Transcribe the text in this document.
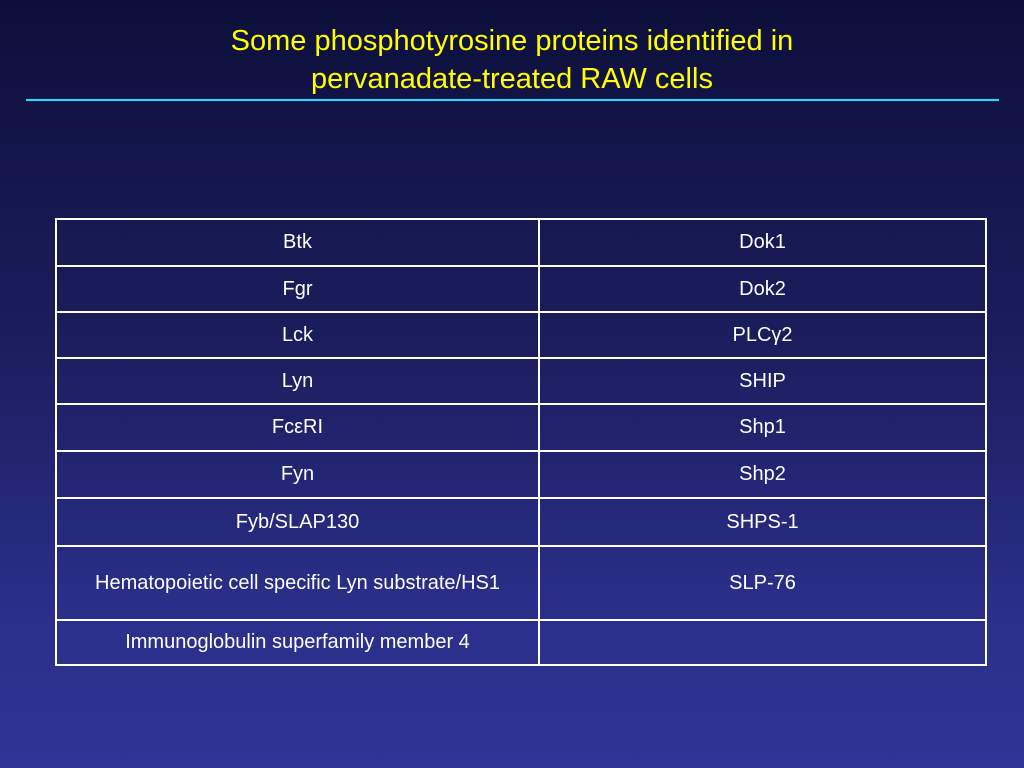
Some phosphotyrosine proteins identified in
pervanadate-treated RAW cells
Btk	Dok1
Fgr	Dok2
Lck	PLCγ2
Lyn	SHIP
FcεRI	Shp1
Fyn	Shp2
Fyb/SLAP130	SHPS-1
Hematopoietic cell specific Lyn substrate/HS1	SLP-76
Immunoglobulin superfamily member 4	
